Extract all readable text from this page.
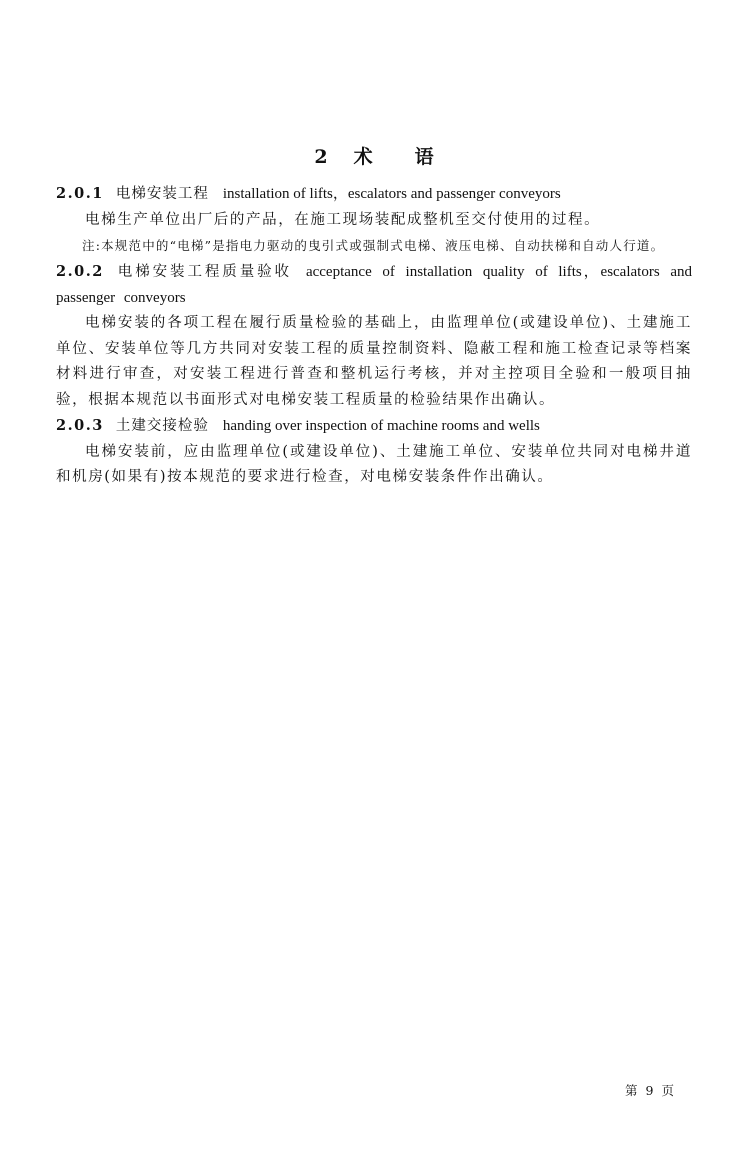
2 术 语

2.0.1 电梯安装工程 installation of lifts，escalators and passenger conveyors

电梯生产单位出厂后的产品，在施工现场装配成整机至交付使用的过程。

注:本规范中的“电梯”是指电力驱动的曳引式或强制式电梯、液压电梯、自动扶梯和自动人行道。

2.0.2 电梯安装工程质量验收 acceptance of installation quality of lifts，escalators and passenger conveyors

电梯安装的各项工程在履行质量检验的基础上，由监理单位(或建设单位)、土建施工单位、安装单位等几方共同对安装工程的质量控制资料、隐蔽工程和施工检查记录等档案材料进行审查，对安装工程进行普查和整机运行考核，并对主控项目全验和一般项目抽验，根据本规范以书面形式对电梯安装工程质量的检验结果作出确认。

2.0.3 土建交接检验 handing over inspection of machine rooms and wells

电梯安装前，应由监理单位(或建设单位)、土建施工单位、安装单位共同对电梯井道和机房(如果有)按本规范的要求进行检查，对电梯安装条件作出确认。

第 9 页
